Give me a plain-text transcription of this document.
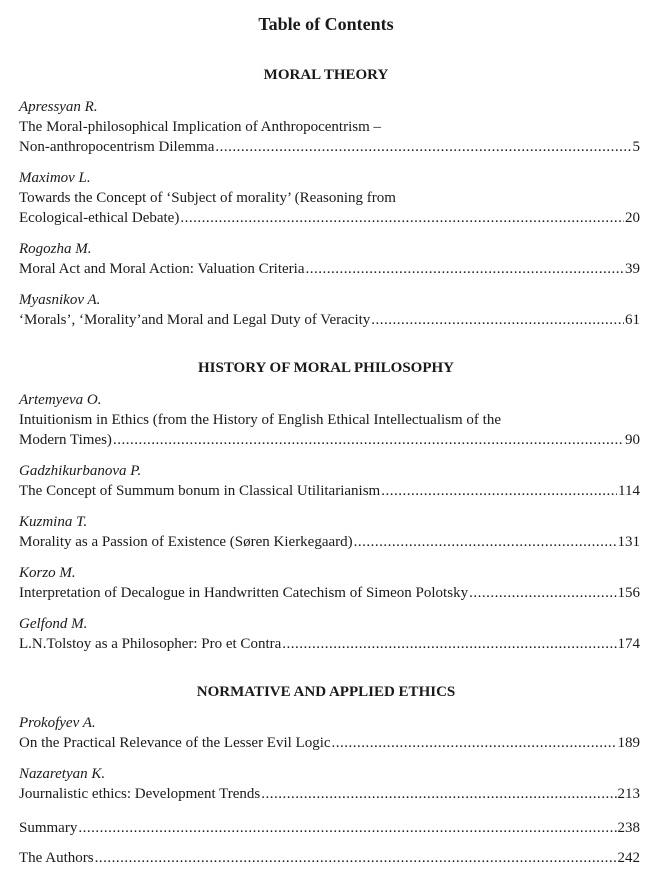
Table of Contents
MORAL THEORY
Apressyan R.
The Moral-philosophical Implication of Anthropocentrism –
Non-anthropocentrism Dilemma .....	5
Maximov L.
Towards the Concept of ‘Subject of morality’ (Reasoning from
Ecological-ethical Debate) .....	20
Rogozha M.
Moral Act and Moral Action: Valuation Criteria .....	39
Myasnikov A.
‘Morals’, ‘Morality’and Moral and Legal Duty of Veracity .....	61
HISTORY OF MORAL PHILOSOPHY
Artemyeva O.
Intuitionism in Ethics (from the History of English Ethical Intellectualism of the
Modern Times) .....	90
Gadzhikurbanova P.
The Concept of Summum bonum in Classical Utilitarianism .....	114
Kuzmina T.
Morality as a Passion of Existence (Søren Kierkegaard) .....	131
Korzo M.
Interpretation of Decalogue in Handwritten Catechism of Simeon Polotsky .....	156
Gelfond M.
L.N.Tolstoy as a Philosopher: Pro et Contra .....	174
NORMATIVE AND APPLIED ETHICS
Prokofyev A.
On the Practical Relevance of the Lesser Evil Logic .....	189
Nazaretyan K.
Journalistic ethics: Development Trends .....	213
Summary .....	238
The Authors .....	242
